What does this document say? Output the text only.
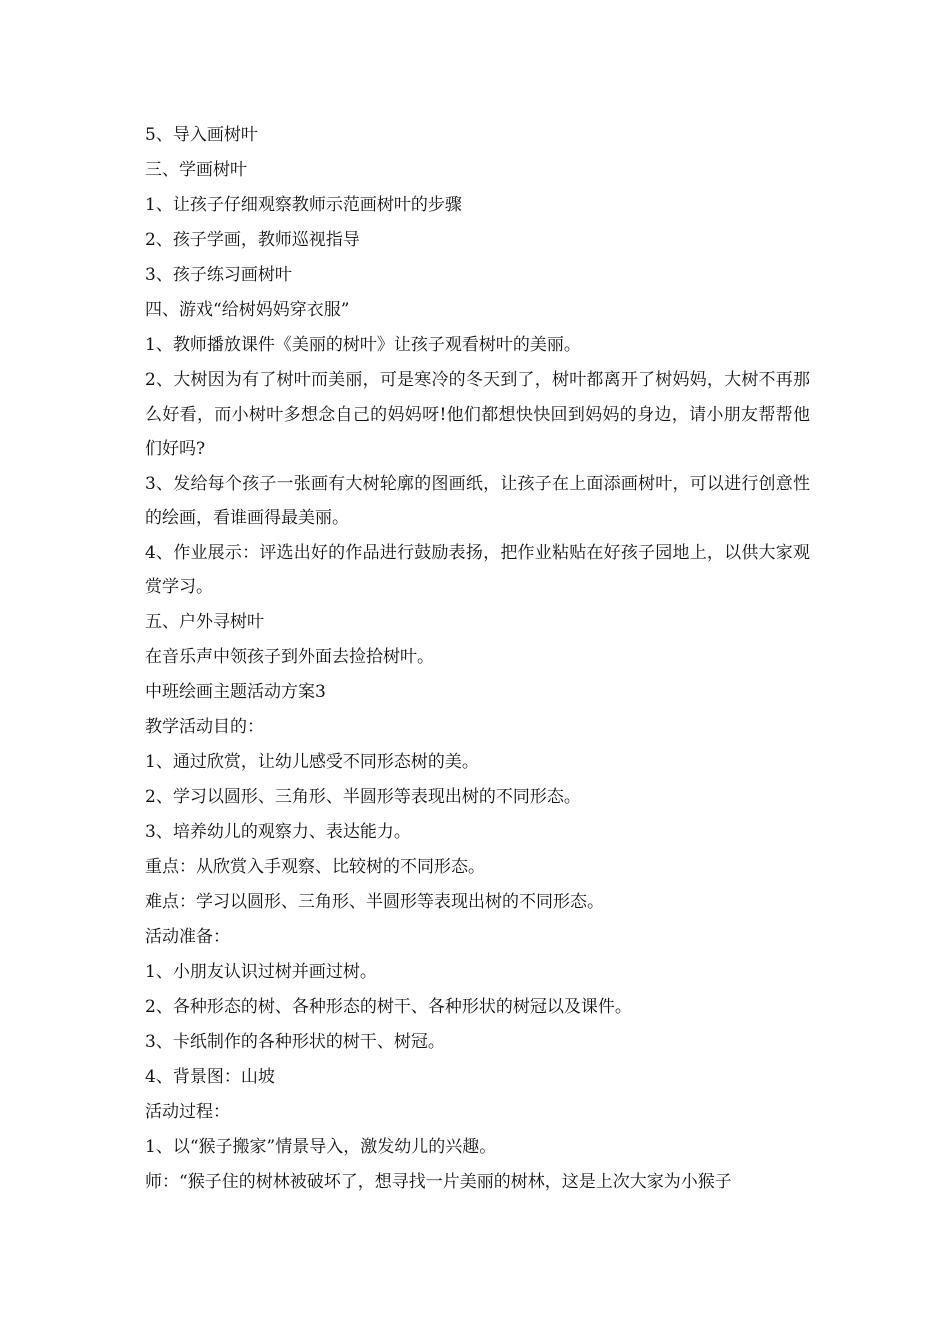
5、导入画树叶
三、学画树叶
1、让孩子仔细观察教师示范画树叶的步骤
2、孩子学画，教师巡视指导
3、孩子练习画树叶
四、游戏“给树妈妈穿衣服”
1、教师播放课件《美丽的树叶》让孩子观看树叶的美丽。

2、大树因为有了树叶而美丽，可是寒冷的冬天到了，树叶都离开了树妈妈，大树不再那么好看，而小树叶多想念自己的妈妈呀!他们都想快快回到妈妈的身边，请小朋友帮帮他们好吗?

3、发给每个孩子一张画有大树轮廓的图画纸，让孩子在上面添画树叶，可以进行创意性的绘画，看谁画得最美丽。

4、作业展示：评选出好的作品进行鼓励表扬，把作业粘贴在好孩子园地上，以供大家观赏学习。

五、户外寻树叶
在音乐声中领孩子到外面去捡拾树叶。
中班绘画主题活动方案3
教学活动目的：
1、通过欣赏，让幼儿感受不同形态树的美。
2、学习以圆形、三角形、半圆形等表现出树的不同形态。
3、培养幼儿的观察力、表达能力。
重点：从欣赏入手观察、比较树的不同形态。
难点：学习以圆形、三角形、半圆形等表现出树的不同形态。
活动准备：
1、小朋友认识过树并画过树。
2、各种形态的树、各种形态的树干、各种形状的树冠以及课件。
3、卡纸制作的各种形状的树干、树冠。
4、背景图：山坡
活动过程：
1、以“猴子搬家”情景导入，激发幼儿的兴趣。
师：“猴子住的树林被破坏了，想寻找一片美丽的树林，这是上次大家为小猴子
